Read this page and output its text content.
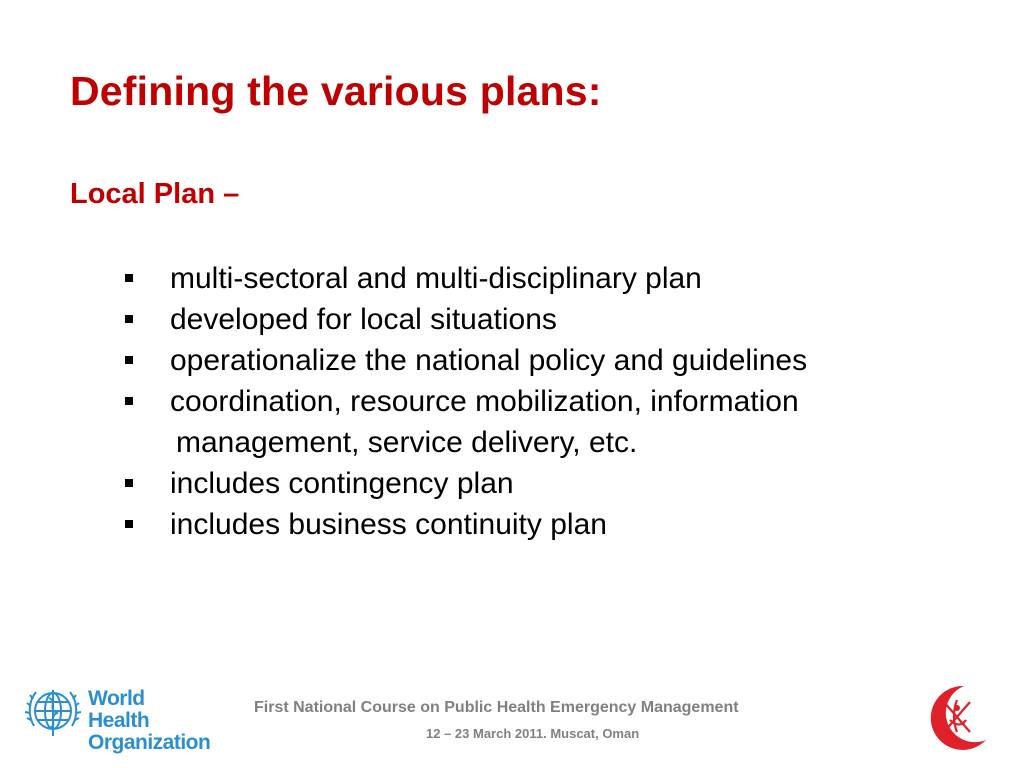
Defining the various plans:
Local Plan –
multi-sectoral and multi-disciplinary plan
developed for local situations
operationalize the national policy and guidelines
coordination, resource mobilization, information
management, service delivery, etc.
includes contingency plan
includes business continuity plan
World Health
Organization
First National Course on Public Health Emergency Management
12 – 23 March 2011. Muscat, Oman
